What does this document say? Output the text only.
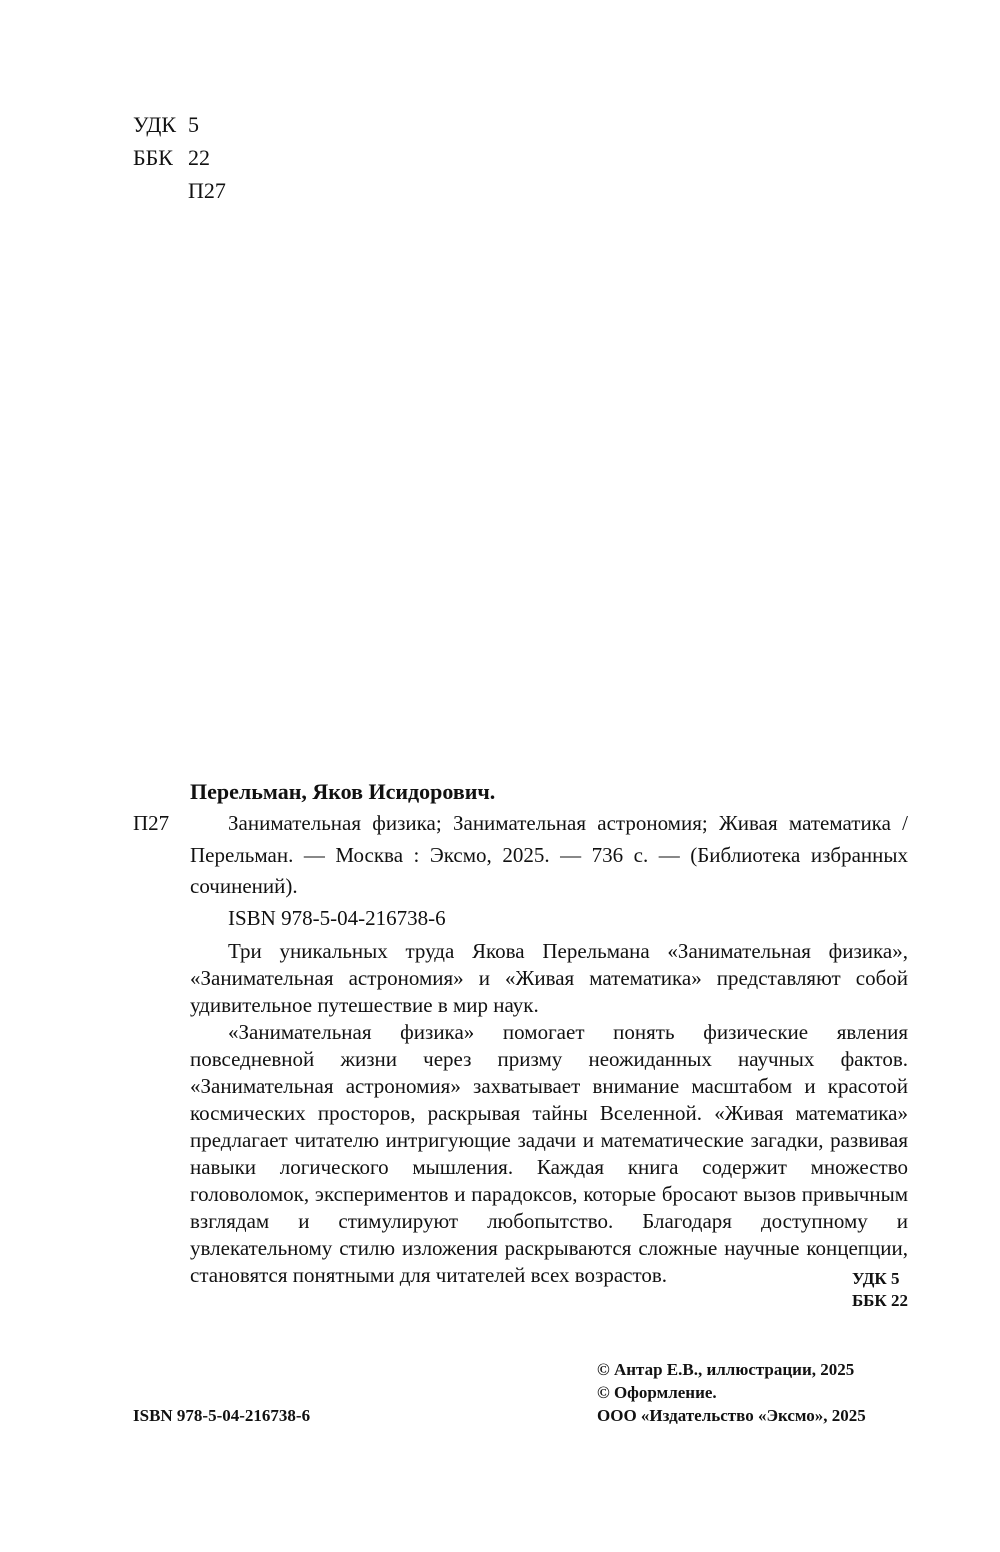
УДК 5
ББК 22
П27
Перельман, Яков Исидорович.
П27	Занимательная физика; Занимательная астрономия; Живая математика / Перельман. — Москва : Эксмо, 2025. — 736 с. — (Библиотека избранных сочинений).
ISBN 978-5-04-216738-6

Три уникальных труда Якова Перельмана «Занимательная физика», «Занимательная астрономия» и «Живая математика» представляют собой удивительное путешествие в мир наук.

«Занимательная физика» помогает понять физические явления повседневной жизни через призму неожиданных научных фактов. «Занимательная астрономия» захватывает внимание масштабом и красотой космических просторов, раскрывая тайны Вселенной. «Живая математика» предлагает читателю интригующие задачи и математические загадки, развивая навыки логического мышления. Каждая книга содержит множество головоломок, экспериментов и парадоксов, которые бросают вызов привычным взглядам и стимулируют любопытство. Благодаря доступному и увлекательному стилю изложения раскрываются сложные научные концепции, становятся понятными для читателей всех возрастов.	УДК 5
ББК 22
© Антар Е.В., иллюстрации, 2025
© Оформление.
ООО «Издательство «Эксмо», 2025
ISBN 978-5-04-216738-6
